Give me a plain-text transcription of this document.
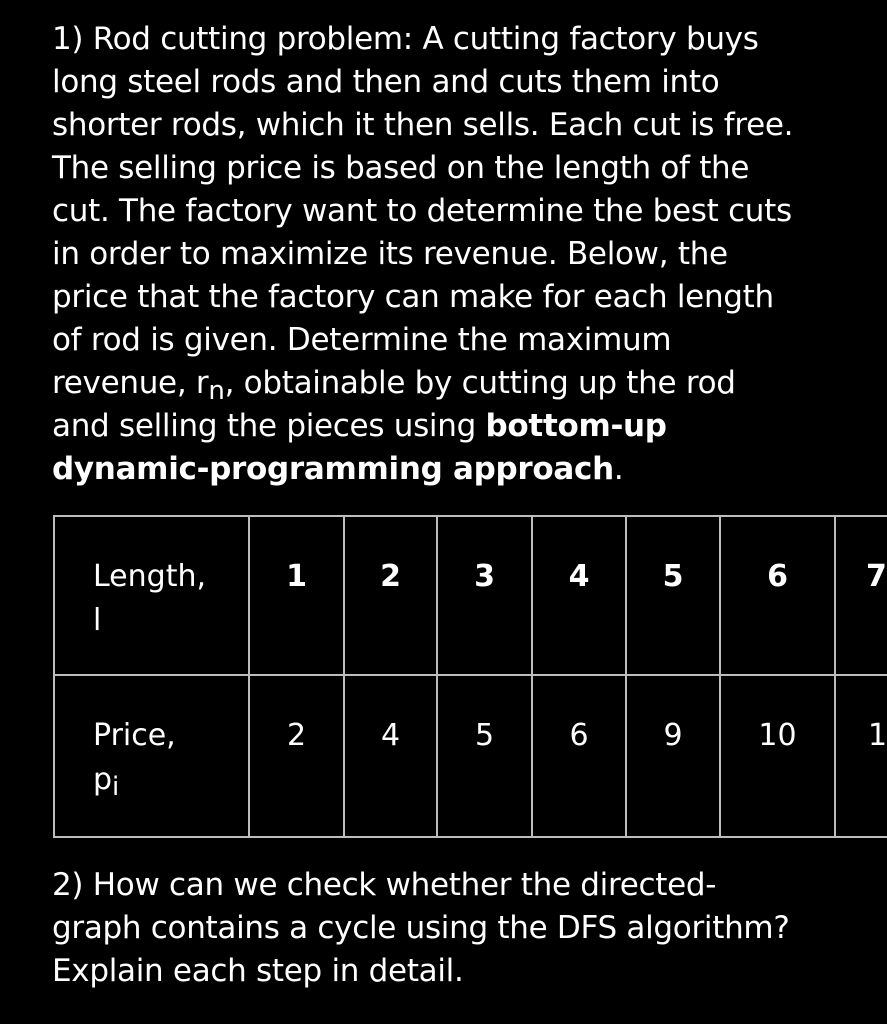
1) Rod cutting problem: A cutting factory buys
long steel rods and then and cuts them into
shorter rods, which it then sells. Each cut is free.
The selling price is based on the length of the
cut. The factory want to determine the best cuts
in order to maximize its revenue. Below, the
price that the factory can make for each length
of rod is given. Determine the maximum
revenue, $r_n$, obtainable by cutting up the rod
and selling the pieces using bottom-up
dynamic-programming approach.
Length,
l	1	2	3	4	5	6	7

Price,
pi	2	4	5	6	9	10	1
2) How can we check whether the directed-
graph contains a cycle using the DFS algorithm?
Explain each step in detail.
